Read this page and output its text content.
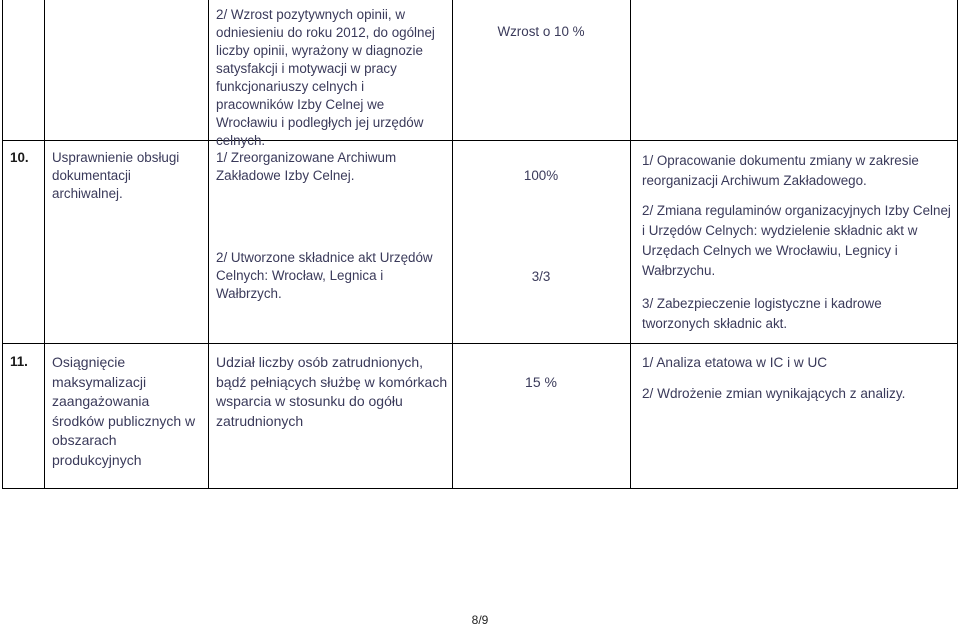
2/ Wzrost pozytywnych opinii, w odniesieniu do roku 2012, do ogólnej liczby opinii, wyrażony w diagnozie satysfakcji i motywacji w pracy funkcjonariuszy celnych i pracowników Izby Celnej we Wrocławiu i podległych jej urzędów celnych.

Wzrost o 10 %

10.	Usprawnienie obsługi dokumentacji archiwalnej.

1/ Zreorganizowane Archiwum Zakładowe Izby Celnej.

2/ Utworzone składnice akt Urzędów Celnych: Wrocław, Legnica i Wałbrzych.

100%

3/3

1/ Opracowanie dokumentu zmiany w zakresie reorganizacji Archiwum Zakładowego.

2/ Zmiana regulaminów organizacyjnych Izby Celnej i Urzędów Celnych: wydzielenie składnic akt w Urzędach Celnych we Wrocławiu, Legnicy i Wałbrzychu.

3/ Zabezpieczenie logistyczne i kadrowe tworzonych składnic akt.

11.	Osiągnięcie maksymalizacji zaangażowania środków publicznych w obszarach produkcyjnych

Udział liczby osób zatrudnionych, bądź pełniących służbę w komórkach wsparcia w stosunku do ogółu zatrudnionych

15 %

1/ Analiza etatowa w IC i w UC

2/ Wdrożenie zmian wynikających z analizy.

8/9
